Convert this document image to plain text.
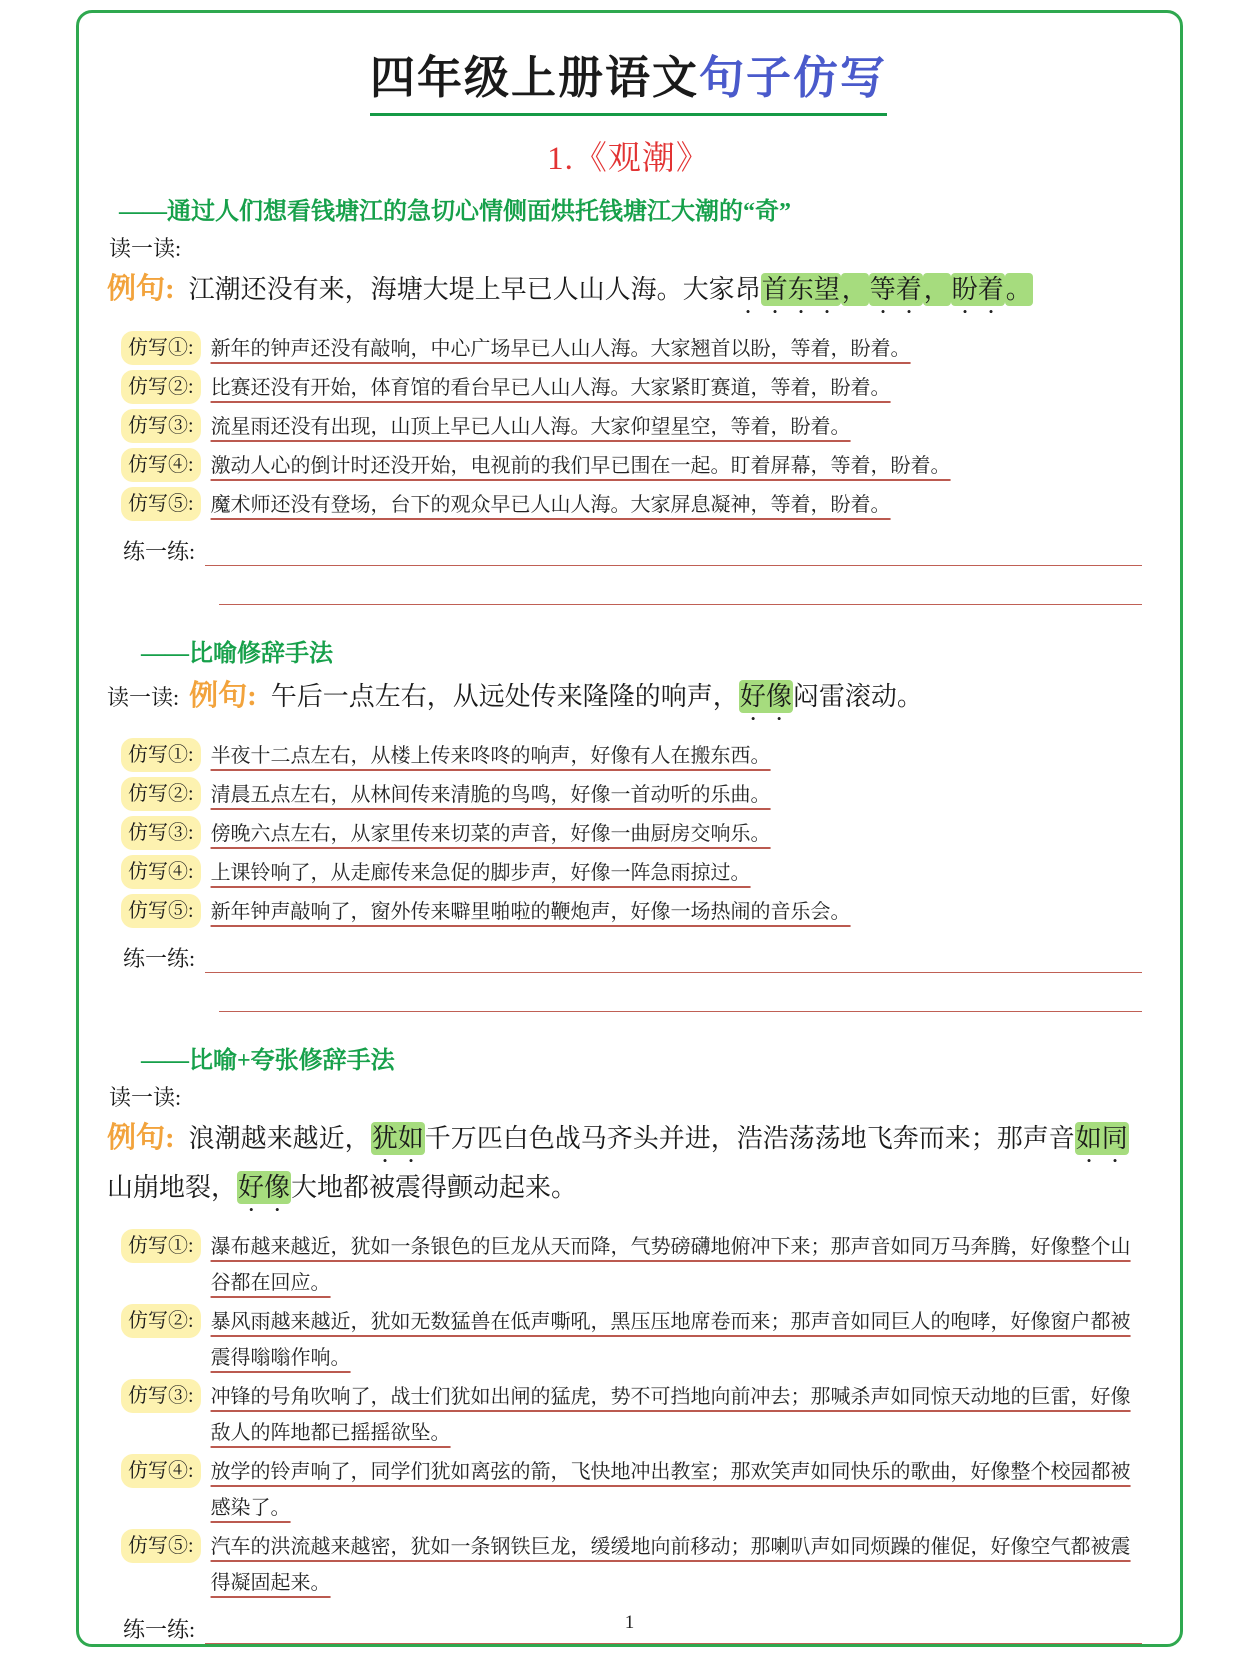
四年级上册语文句子仿写
1.《观潮》
——通过人们想看钱塘江的急切心情侧面烘托钱塘江大潮的“奇”
读一读:

例句: 江潮还没有来，海塘大堤上早已人山人海。大家昂首东望，等着，盼着。

仿写①: 新年的钟声还没有敲响，中心广场早已人山人海。大家翘首以盼，等着，盼着。
仿写②: 比赛还没有开始，体育馆的看台早已人山人海。大家紧盯赛道，等着，盼着。
仿写③: 流星雨还没有出现，山顶上早已人山人海。大家仰望星空，等着，盼着。
仿写④: 激动人心的倒计时还没开始，电视前的我们早已围在一起。盯着屏幕，等着，盼着。
仿写⑤: 魔术师还没有登场，台下的观众早已人山人海。大家屏息凝神，等着，盼着。
练一练:
——比喻修辞手法

读一读: 例句: 午后一点左右，从远处传来隆隆的响声，好像闷雷滚动。

仿写①: 半夜十二点左右，从楼上传来咚咚的响声，好像有人在搬东西。
仿写②: 清晨五点左右，从林间传来清脆的鸟鸣，好像一首动听的乐曲。
仿写③: 傍晚六点左右，从家里传来切菜的声音，好像一曲厨房交响乐。
仿写④: 上课铃响了，从走廊传来急促的脚步声，好像一阵急雨掠过。
仿写⑤: 新年钟声敲响了，窗外传来噼里啪啦的鞭炮声，好像一场热闹的音乐会。
练一练:
——比喻+夸张修辞手法
读一读:

例句: 浪潮越来越近，犹如千万匹白色战马齐头并进，浩浩荡荡地飞奔而来；那声音如同山崩地裂，好像大地都被震得颤动起来。

仿写①: 瀑布越来越近，犹如一条银色的巨龙从天而降，气势磅礴地俯冲下来；那声音如同万马奔腾，好像整个山谷都在回应。
仿写②: 暴风雨越来越近，犹如无数猛兽在低声嘶吼，黑压压地席卷而来；那声音如同巨人的咆哮，好像窗户都被震得嗡嗡作响。
仿写③: 冲锋的号角吹响了，战士们犹如出闸的猛虎，势不可挡地向前冲去；那喊杀声如同惊天动地的巨雷，好像敌人的阵地都已摇摇欲坠。
仿写④: 放学的铃声响了，同学们犹如离弦的箭，飞快地冲出教室；那欢笑声如同快乐的歌曲，好像整个校园都被感染了。
仿写⑤: 汽车的洪流越来越密，犹如一条钢铁巨龙，缓缓地向前移动；那喇叭声如同烦躁的催促，好像空气都被震得凝固起来。
练一练:	1
